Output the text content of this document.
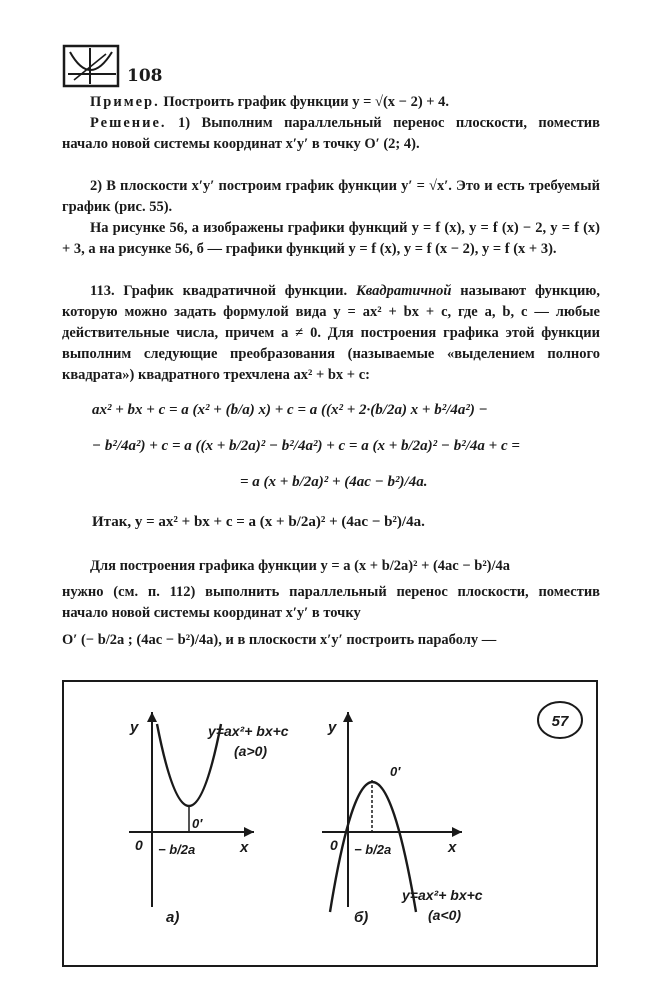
108
Пример. Построить график функции y = √(x − 2) + 4.
Решение. 1) Выполним параллельный перенос плоскости, поместив начало новой системы координат x′y′ в точку O′ (2; 4).
2) В плоскости x′y′ построим график функции y′ = √x′. Это и есть требуемый график (рис. 55).
На рисунке 56, а изображены графики функций y = f (x), y = f (x) − 2, y = f (x) + 3, а на рисунке 56, б — графики функций y = f (x), y = f (x − 2), y = f (x + 3).
113. График квадратичной функции. Квадратичной называют функцию, которую можно задать формулой вида y = ax² + bx + c, где a, b, c — любые действительные числа, причем a ≠ 0. Для построения графика этой функции выполним следующие преобразования (называемые «выделением полного квадрата») квадратного трехчлена ax² + bx + c:
ax² + bx + c = a (x² + (b/a) x) + c = a ((x² + 2·(b/2a) x + b²/4a²) −
− b²/4a²) + c = a ((x + b/2a)² − b²/4a²) + c = a (x + b/2a)² − b²/4a + c =
= a (x + b/2a)² + (4ac − b²)/4a.
Итак, y = ax² + bx + c = a (x + b/2a)² + (4ac − b²)/4a.
Для построения графика функции y = a (x + b/2a)² + (4ac − b²)/4a
нужно (см. п. 112) выполнить параллельный перенос плоскости, поместив начало новой системы координат x′y′ в точку
O′ (− b/2a ; (4ac − b²)/4a), и в плоскости x′y′ построить параболу —
57
y
x
0
0′
− b/2a
y=ax²+ bx+c
(a>0)
а)
y
x
0
0′
− b/2a
y=ax²+ bx+c
(a<0)
б)
